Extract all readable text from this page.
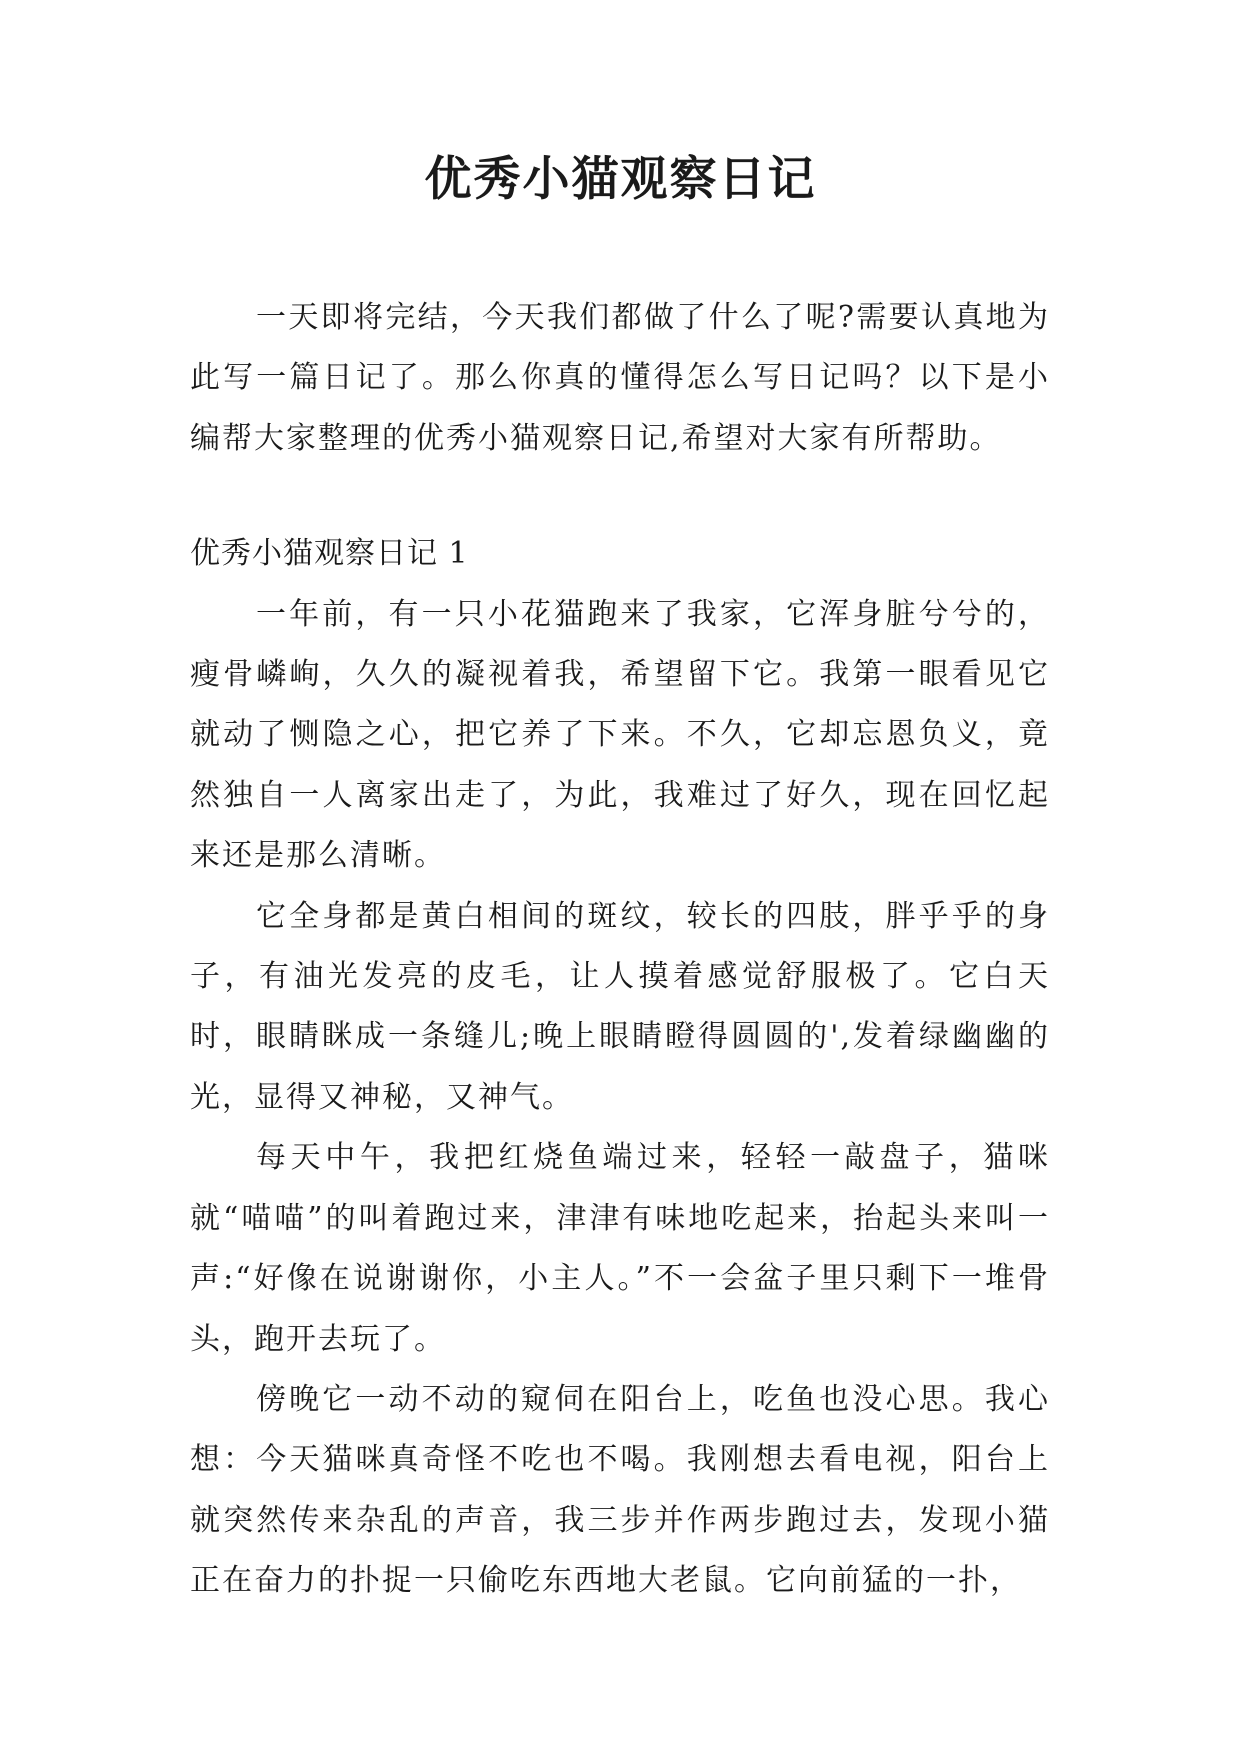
优秀小猫观察日记

一天即将完结，今天我们都做了什么了呢?需要认真地为此写一篇日记了。那么你真的懂得怎么写日记吗？以下是小编帮大家整理的优秀小猫观察日记,希望对大家有所帮助。

优秀小猫观察日记 1

一年前，有一只小花猫跑来了我家，它浑身脏兮兮的，瘦骨嶙峋，久久的凝视着我，希望留下它。我第一眼看见它就动了恻隐之心，把它养了下来。不久，它却忘恩负义，竟然独自一人离家出走了，为此，我难过了好久，现在回忆起来还是那么清晰。

它全身都是黄白相间的斑纹，较长的四肢，胖乎乎的身子，有油光发亮的皮毛，让人摸着感觉舒服极了。它白天时，眼睛眯成一条缝儿;晚上眼睛瞪得圆圆的',发着绿幽幽的光，显得又神秘，又神气。

每天中午，我把红烧鱼端过来，轻轻一敲盘子，猫咪就“喵喵”的叫着跑过来，津津有味地吃起来，抬起头来叫一声:“好像在说谢谢你，小主人。”不一会盆子里只剩下一堆骨头，跑开去玩了。

傍晚它一动不动的窥伺在阳台上，吃鱼也没心思。我心想：今天猫咪真奇怪不吃也不喝。我刚想去看电视，阳台上就突然传来杂乱的声音，我三步并作两步跑过去，发现小猫正在奋力的扑捉一只偷吃东西地大老鼠。它向前猛的一扑，
